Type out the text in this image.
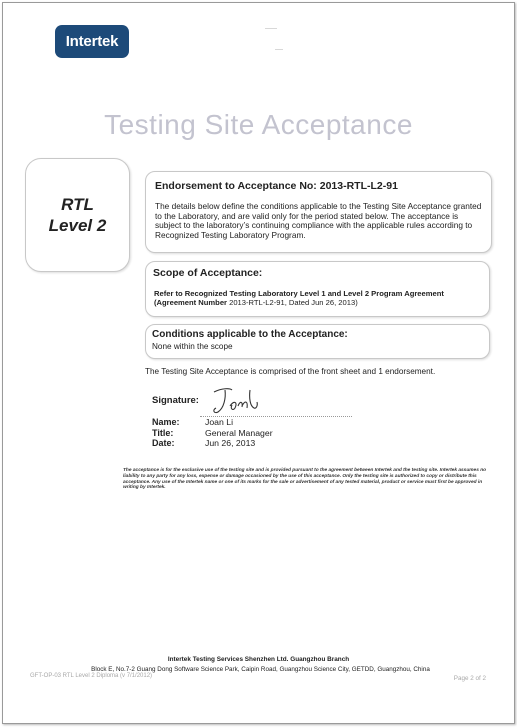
Intertek
Testing Site Acceptance
RTL
Level 2
Endorsement to Acceptance No: 2013-RTL-L2-91
The details below define the conditions applicable to the Testing Site Acceptance granted to the Laboratory, and are valid only for the period stated below. The acceptance is subject to the laboratory’s continuing compliance with the applicable rules according to Recognized Testing Laboratory Program.
Scope of Acceptance:
Refer to Recognized Testing Laboratory Level 1 and Level 2 Program Agreement (Agreement Number 2013-RTL-L2-91, Dated Jun 26, 2013)
Conditions applicable to the Acceptance:
None within the scope
The Testing Site Acceptance is comprised of the front sheet and 1 endorsement.
Signature:
Name:	Joan Li
Title:	General Manager
Date:	Jun 26, 2013
The acceptance is for the exclusive use of the testing site and is provided pursuant to the agreement between Intertek and the testing site. Intertek assumes no liability to any party for any loss, expense or damage occasioned by the use of this acceptance. Only the testing site is authorized to copy or distribute this acceptance. Any use of the Intertek name or one of its marks for the sale or advertisement of any tested material, product or service must first be approved in writing by Intertek.
Intertek Testing Services Shenzhen Ltd. Guangzhou Branch
Block E, No.7-2 Guang Dong Software Science Park, Caipin Road, Guangzhou Science City, GETDD, Guangzhou, China
GFT-OP-03 RTL Level 2 Diploma (v 7/1/2012)	Page 2 of 2
